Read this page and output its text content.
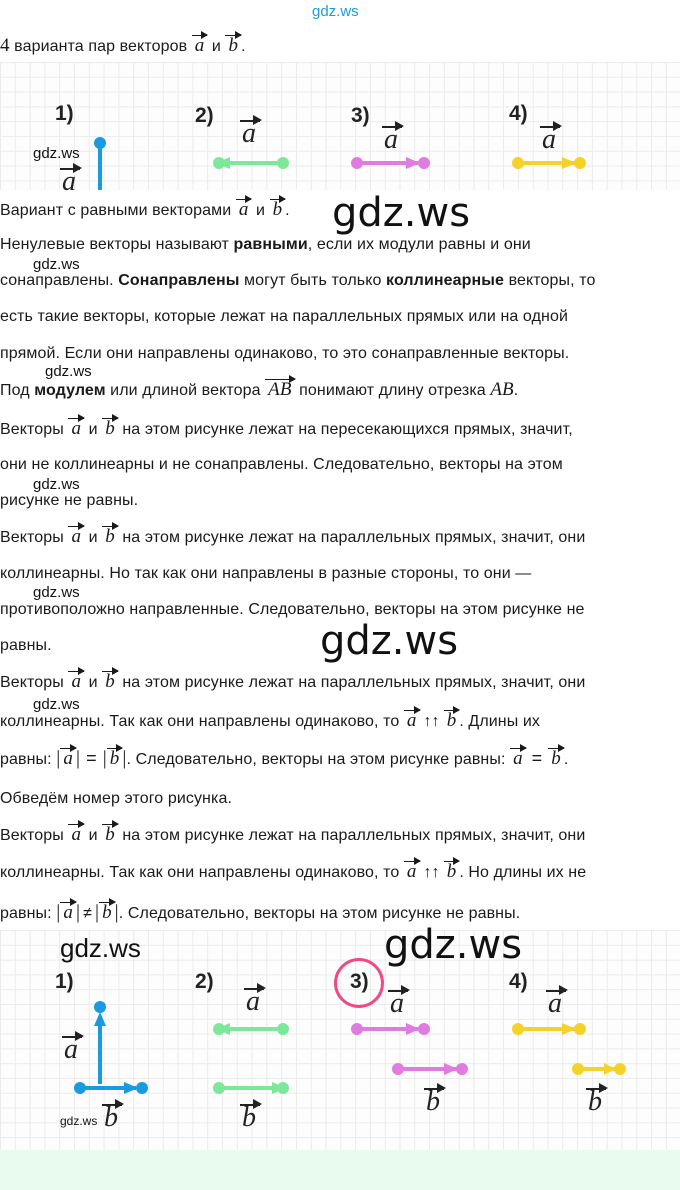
gdz.ws
4 варианта пар векторов a и b .
1)	2)	3)	4)
a
a	a	a
gdz.ws
Вариант с равными векторами a и b . gdz.ws
Ненулевые векторы называют равными, если их модули равны и они
gdz.ws
сонаправлены. Сонаправлены могут быть только коллинеарные векторы, то
есть такие векторы, которые лежат на параллельных прямых или на одной
прямой. Если они направлены одинаково, то это сонаправленные векторы.
gdz.ws
Под модулем или длиной вектора AB понимают длину отрезка AB.
Векторы a и b на этом рисунке лежат на пересекающихся прямых, значит,
они не коллинеарны и не сонаправлены. Следовательно, векторы на этом
gdz.ws
рисунке не равны.
Векторы a и b на этом рисунке лежат на параллельных прямых, значит, они
коллинеарны. Но так как они направлены в разные стороны, то они —
gdz.ws
противоположно направленные. Следовательно, векторы на этом рисунке не
равны.	gdz.ws
Векторы a и b на этом рисунке лежат на параллельных прямых, значит, они
gdz.ws
коллинеарны. Так как они направлены одинаково, то a ↑↑ b . Длины их
равны: | a | = | b |. Следовательно, векторы на этом рисунке равны: a = b .
Обведём номер этого рисунка.
Векторы a и b на этом рисунке лежат на параллельных прямых, значит, они
коллинеарны. Так как они направлены одинаково, то a ↑↑ b . Но длины их не
равны: | a | ≠ | b |. Следовательно, векторы на этом рисунке не равны.
gdz.ws
gdz.ws
1)	2)	3)	4)
a
b
a
b
a
b
a
b
gdz.ws
